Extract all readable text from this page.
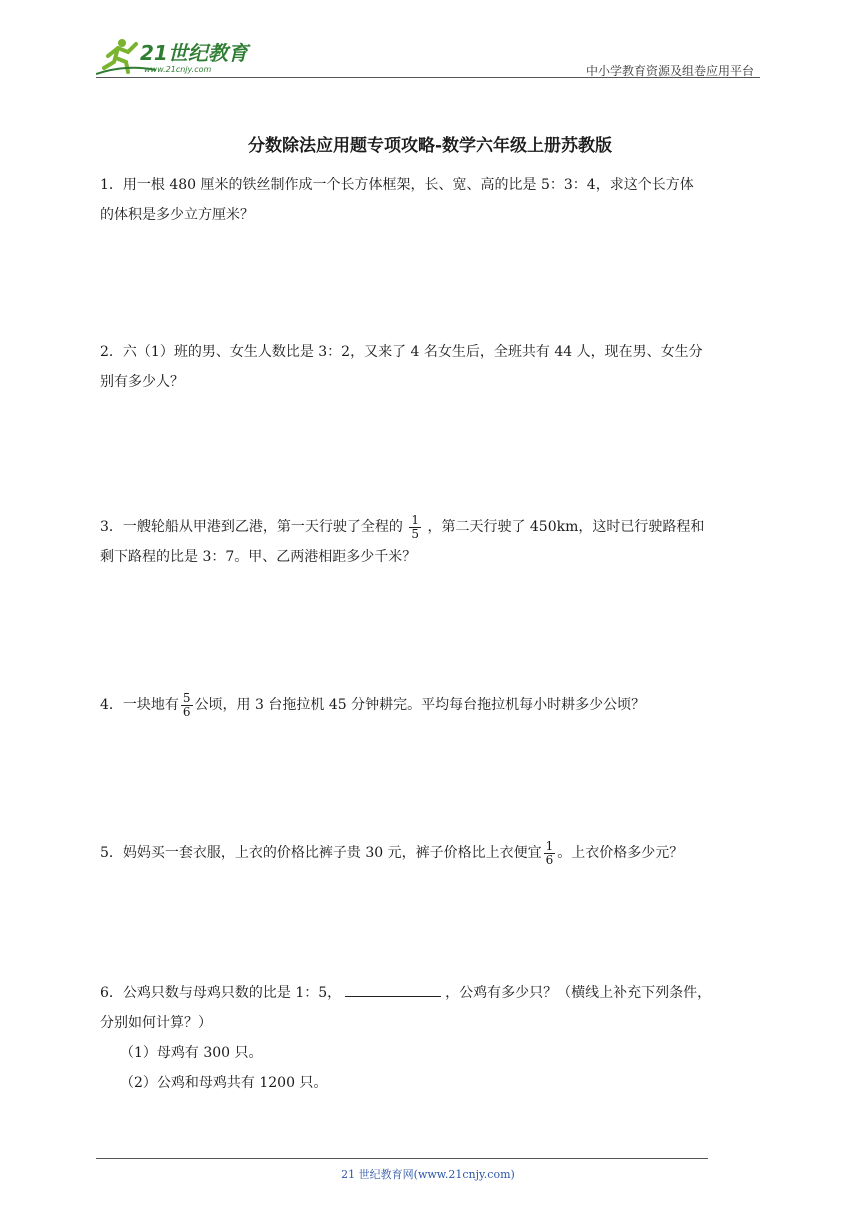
21世纪教育
www.21cnjy.com	中小学教育资源及组卷应用平台
分数除法应用题专项攻略-数学六年级上册苏教版

1．用一根 480 厘米的铁丝制作成一个长方体框架，长、宽、高的比是 5：3：4，求这个长方体

的体积是多少立方厘米？

2．六（1）班的男、女生人数比是 3：2，又来了 4 名女生后，全班共有 44 人，现在男、女生分

别有多少人？

3．一艘轮船从甲港到乙港，第一天行驶了全程的 $\frac{1}{5}$ ，第二天行驶了 450km，这时已行驶路程和

剩下路程的比是 3：7。甲、乙两港相距多少千米？

4．一块地有 $\frac{5}{6}$ 公顷，用 3 台拖拉机 45 分钟耕完。平均每台拖拉机每小时耕多少公顷？

5．妈妈买一套衣服，上衣的价格比裤子贵 30 元，裤子价格比上衣便宜 $\frac{1}{6}$ 。上衣价格多少元？

6．公鸡只数与母鸡只数的比是 1：5，	，公鸡有多少只？（横线上补充下列条件，

分别如何计算？）

（1）母鸡有 300 只。

（2）公鸡和母鸡共有 1200 只。

21 世纪教育网(www.21cnjy.com)
